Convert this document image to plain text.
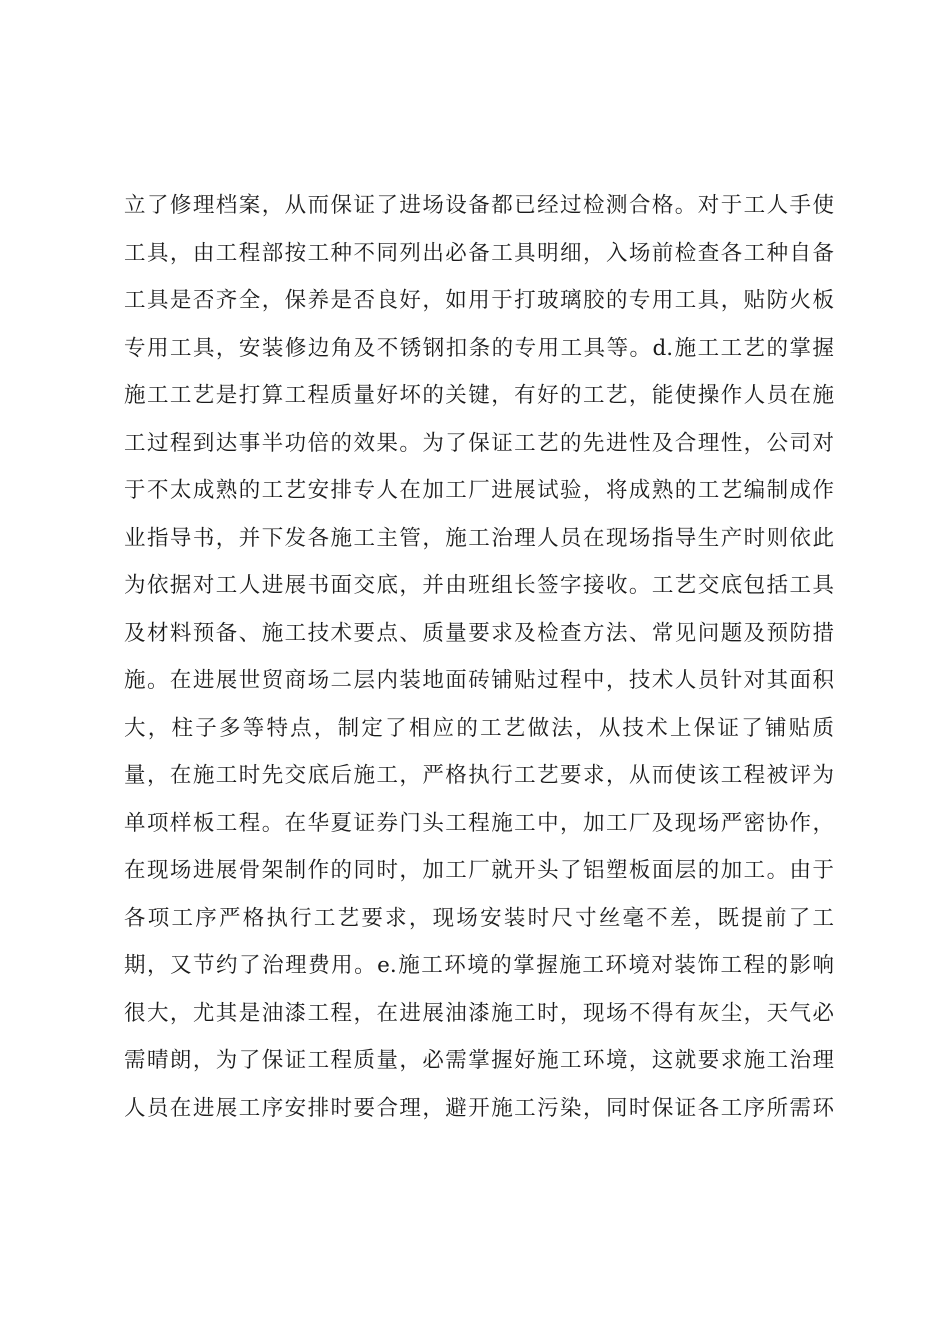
立了修理档案，从而保证了进场设备都已经过检测合格。对于工人手使
工具，由工程部按工种不同列出必备工具明细，入场前检查各工种自备
工具是否齐全，保养是否良好，如用于打玻璃胶的专用工具，贴防火板
专用工具，安装修边角及不锈钢扣条的专用工具等。d.施工工艺的掌握
施工工艺是打算工程质量好坏的关键，有好的工艺，能使操作人员在施
工过程到达事半功倍的效果。为了保证工艺的先进性及合理性，公司对
于不太成熟的工艺安排专人在加工厂进展试验，将成熟的工艺编制成作
业指导书，并下发各施工主管，施工治理人员在现场指导生产时则依此
为依据对工人进展书面交底，并由班组长签字接收。工艺交底包括工具
及材料预备、施工技术要点、质量要求及检查方法、常见问题及预防措
施。在进展世贸商场二层内装地面砖铺贴过程中，技术人员针对其面积
大，柱子多等特点，制定了相应的工艺做法，从技术上保证了铺贴质
量，在施工时先交底后施工，严格执行工艺要求，从而使该工程被评为
单项样板工程。在华夏证券门头工程施工中，加工厂及现场严密协作，
在现场进展骨架制作的同时，加工厂就开头了铝塑板面层的加工。由于
各项工序严格执行工艺要求，现场安装时尺寸丝毫不差，既提前了工
期，又节约了治理费用。e.施工环境的掌握施工环境对装饰工程的影响
很大，尤其是油漆工程，在进展油漆施工时，现场不得有灰尘，天气必
需晴朗，为了保证工程质量，必需掌握好施工环境，这就要求施工治理
人员在进展工序安排时要合理，避开施工污染，同时保证各工序所需环
